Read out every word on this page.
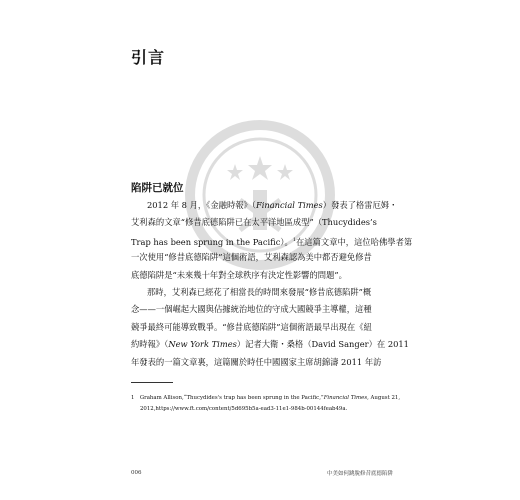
引言
陷阱已就位
2012 年 8 月，《金融時報》（Financial Times）發表了格雷厄姆・
艾利森的文章“修昔底德陷阱已在太平洋地區成型”（Thucydides’s
Trap has been sprung in the Pacific）。$^1$在這篇文章中，這位哈佛學者第
一次使用“修昔底德陷阱”這個術語，艾利森認為美中都否避免修昔
底德陷阱是“未來幾十年對全球秩序有決定性影響的問題”。
那時，艾利森已經花了相當長的時間來發展“修昔底德陷阱”概
念——一個崛起大國與佔據統治地位的守成大國競爭主導權，這種
競爭最終可能導致戰爭。“修昔底德陷阱”這個術語最早出現在《紐
約時報》（New York Times）記者大衛・桑格（David Sanger）在 2011
年發表的一篇文章裏，這篇關於時任中國國家主席胡錦濤 2011 年訪
1　Graham Allison,“Thucydides's trap has been sprung in the Pacific,”Financial Times, August 21,
2012,https://www.ft.com/content/5d695b5a-ead3-11e1-984b-00144feab49a.
006	中美如何跳脫修昔底德陷阱
